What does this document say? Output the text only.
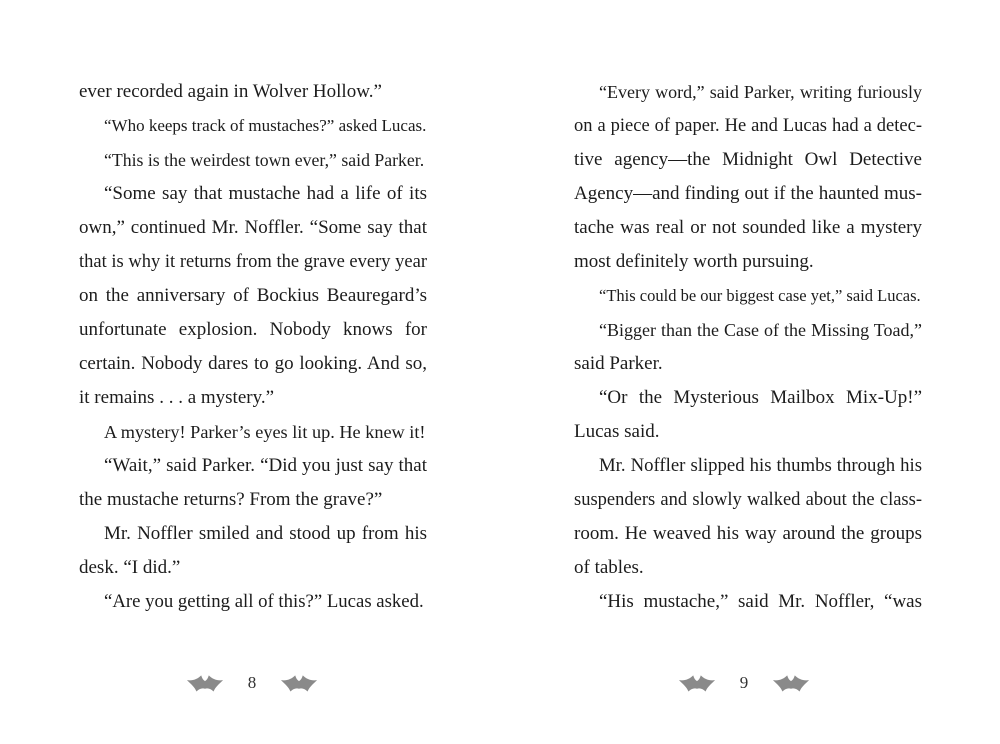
ever recorded again in Wolver Hollow.”
“Who keeps track of mustaches?” asked Lucas.
“This is the weirdest town ever,” said Parker.
“Some say that mustache had a life of its
own,” continued Mr. Noffler. “Some say that
that is why it returns from the grave every year
on the anniversary of Bockius Beauregard’s
unfortunate explosion. Nobody knows for
certain. Nobody dares to go looking. And so,
it remains . . . a mystery.”
A mystery! Parker’s eyes lit up. He knew it!
“Wait,” said Parker. “Did you just say that
the mustache returns? From the grave?”
Mr. Noffler smiled and stood up from his
desk. “I did.”
“Are you getting all of this?” Lucas asked.
“Every word,” said Parker, writing furiously
on a piece of paper. He and Lucas had a detec-
tive agency—the Midnight Owl Detective
Agency—and finding out if the haunted mus-
tache was real or not sounded like a mystery
most definitely worth pursuing.
“This could be our biggest case yet,” said Lucas.
“Bigger than the Case of the Missing Toad,”
said Parker.
“Or the Mysterious Mailbox Mix-Up!”
Lucas said.
Mr. Noffler slipped his thumbs through his
suspenders and slowly walked about the class-
room. He weaved his way around the groups
of tables.
“His mustache,” said Mr. Noffler, “was
8	9
